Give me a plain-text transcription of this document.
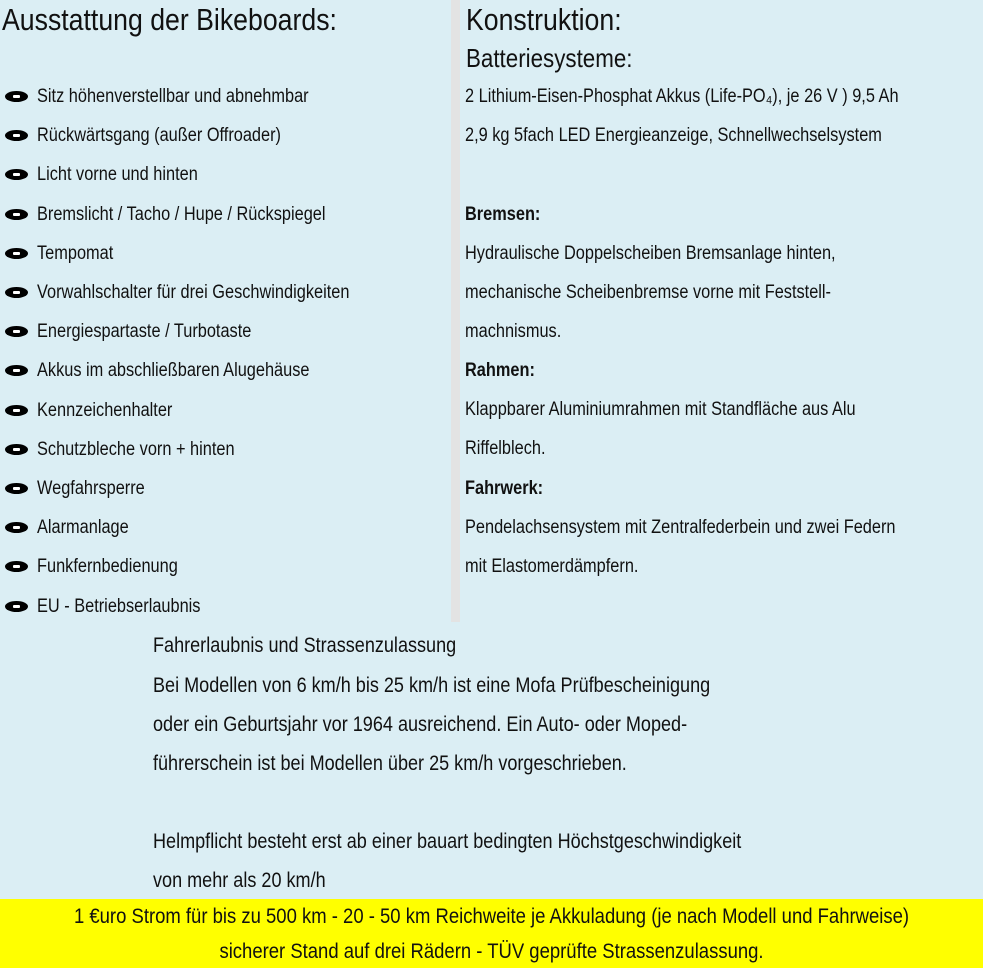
Ausstattung der Bikeboards:
Sitz höhenverstellbar und abnehmbar
Rückwärtsgang (außer Offroader)
Licht vorne und hinten
Bremslicht / Tacho / Hupe / Rückspiegel
Tempomat
Vorwahlschalter für drei Geschwindigkeiten
Energiespartaste / Turbotaste
Akkus im abschließbaren Alugehäuse
Kennzeichenhalter
Schutzbleche vorn + hinten
Wegfahrsperre
Alarmanlage
Funkfernbedienung
EU - Betriebserlaubnis
Konstruktion:
Batteriesysteme:
2 Lithium-Eisen-Phosphat Akkus (Life-PO₄), je 26 V ) 9,5 Ah
2,9 kg 5fach LED Energieanzeige, Schnellwechselsystem
Bremsen:
Hydraulische Doppelscheiben Bremsanlage hinten,
mechanische Scheibenbremse vorne mit Feststell-
machnismus.
Rahmen:
Klappbarer Aluminiumrahmen mit Standfläche aus Alu
Riffelblech.
Fahrwerk:
Pendelachsensystem mit Zentralfederbein und zwei Federn
mit Elastomerdämpfern.
Fahrerlaubnis und Strassenzulassung
Bei Modellen von 6 km/h bis 25 km/h ist eine Mofa Prüfbescheinigung
oder ein Geburtsjahr vor 1964 ausreichend. Ein Auto- oder Moped-
führerschein ist bei Modellen über 25 km/h vorgeschrieben.
Helmpflicht besteht erst ab einer bauart bedingten Höchstgeschwindigkeit
von mehr als 20 km/h
1 €uro Strom für bis zu 500 km - 20 - 50 km Reichweite je Akkuladung (je nach Modell und Fahrweise)
sicherer Stand auf drei Rädern - TÜV geprüfte Strassenzulassung.
